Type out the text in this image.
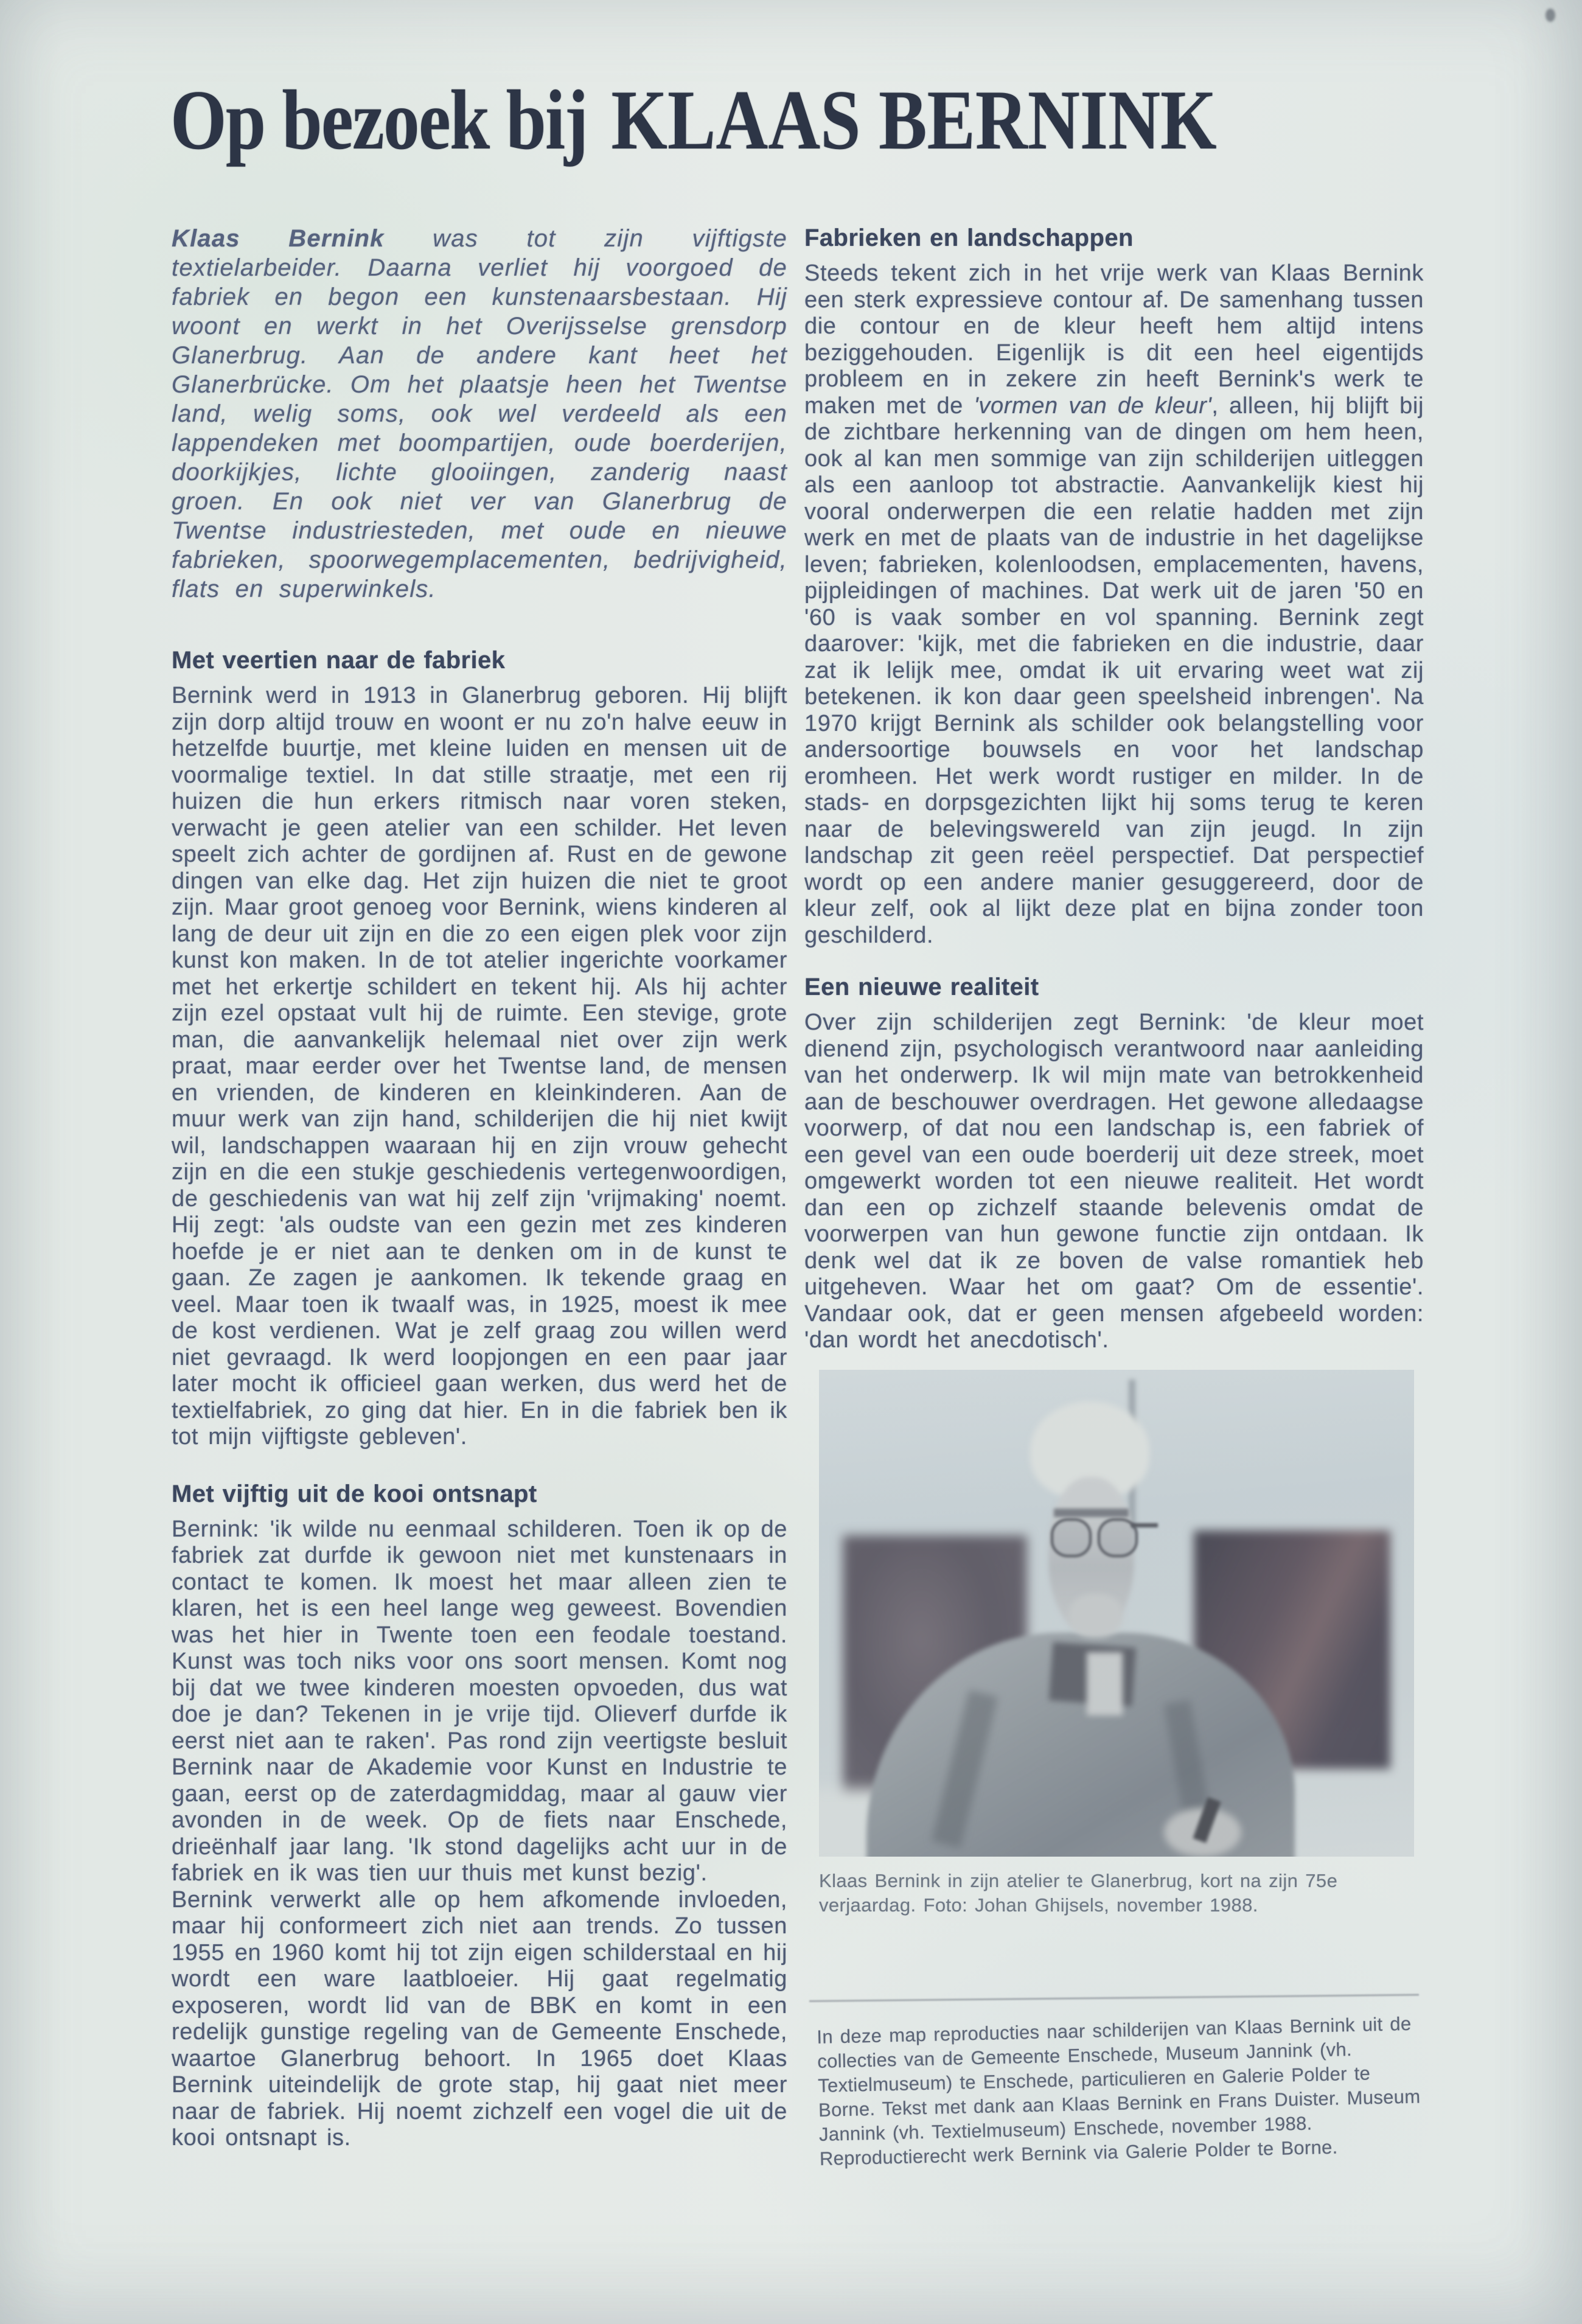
Op bezoek bij KLAAS BERNINK

Klaas Bernink was tot zijn vijftigste textielarbeider. Daarna verliet hij voorgoed de fabriek en begon een kunstenaarsbestaan. Hij woont en werkt in het Overijsselse grensdorp Glanerbrug. Aan de andere kant heet het Glanerbrücke. Om het plaatsje heen het Twentse land, welig soms, ook wel verdeeld als een lappendeken met boompartijen, oude boerderijen, doorkijkjes, lichte glooiingen, zanderig naast groen. En ook niet ver van Glanerbrug de Twentse industriesteden, met oude en nieuwe fabrieken, spoorwegemplacementen, bedrijvigheid, flats en superwinkels.

Met veertien naar de fabriek

Bernink werd in 1913 in Glanerbrug geboren. Hij blijft zijn dorp altijd trouw en woont er nu zo'n halve eeuw in hetzelfde buurtje, met kleine luiden en mensen uit de voormalige textiel. In dat stille straatje, met een rij huizen die hun erkers ritmisch naar voren steken, verwacht je geen atelier van een schilder. Het leven speelt zich achter de gordijnen af. Rust en de gewone dingen van elke dag. Het zijn huizen die niet te groot zijn. Maar groot genoeg voor Bernink, wiens kinderen al lang de deur uit zijn en die zo een eigen plek voor zijn kunst kon maken. In de tot atelier ingerichte voorkamer met het erkertje schildert en tekent hij. Als hij achter zijn ezel opstaat vult hij de ruimte. Een stevige, grote man, die aanvankelijk helemaal niet over zijn werk praat, maar eerder over het Twentse land, de mensen en vrienden, de kinderen en kleinkinderen. Aan de muur werk van zijn hand, schilderijen die hij niet kwijt wil, landschappen waaraan hij en zijn vrouw gehecht zijn en die een stukje geschiedenis vertegenwoordigen, de geschiedenis van wat hij zelf zijn 'vrijmaking' noemt. Hij zegt: 'als oudste van een gezin met zes kinderen hoefde je er niet aan te denken om in de kunst te gaan. Ze zagen je aankomen. Ik tekende graag en veel. Maar toen ik twaalf was, in 1925, moest ik mee de kost verdienen. Wat je zelf graag zou willen werd niet gevraagd. Ik werd loopjongen en een paar jaar later mocht ik officieel gaan werken, dus werd het de textielfabriek, zo ging dat hier. En in die fabriek ben ik tot mijn vijftigste gebleven'.

Met vijftig uit de kooi ontsnapt

Bernink: 'ik wilde nu eenmaal schilderen. Toen ik op de fabriek zat durfde ik gewoon niet met kunstenaars in contact te komen. Ik moest het maar alleen zien te klaren, het is een heel lange weg geweest. Bovendien was het hier in Twente toen een feodale toestand. Kunst was toch niks voor ons soort mensen. Komt nog bij dat we twee kinderen moesten opvoeden, dus wat doe je dan? Tekenen in je vrije tijd. Olieverf durfde ik eerst niet aan te raken'. Pas rond zijn veertigste besluit Bernink naar de Akademie voor Kunst en Industrie te gaan, eerst op de zaterdagmiddag, maar al gauw vier avonden in de week. Op de fiets naar Enschede, drieënhalf jaar lang. 'Ik stond dagelijks acht uur in de fabriek en ik was tien uur thuis met kunst bezig'.

Bernink verwerkt alle op hem afkomende invloeden, maar hij conformeert zich niet aan trends. Zo tussen 1955 en 1960 komt hij tot zijn eigen schilderstaal en hij wordt een ware laatbloeier. Hij gaat regelmatig exposeren, wordt lid van de BBK en komt in een redelijk gunstige regeling van de Gemeente Enschede, waartoe Glanerbrug behoort. In 1965 doet Klaas Bernink uiteindelijk de grote stap, hij gaat niet meer naar de fabriek. Hij noemt zichzelf een vogel die uit de kooi ontsnapt is.

Fabrieken en landschappen

Steeds tekent zich in het vrije werk van Klaas Bernink een sterk expressieve contour af. De samenhang tussen die contour en de kleur heeft hem altijd intens beziggehouden. Eigenlijk is dit een heel eigentijds probleem en in zekere zin heeft Bernink's werk te maken met de 'vormen van de kleur', alleen, hij blijft bij de zichtbare herkenning van de dingen om hem heen, ook al kan men sommige van zijn schilderijen uitleggen als een aanloop tot abstractie. Aanvankelijk kiest hij vooral onderwerpen die een relatie hadden met zijn werk en met de plaats van de industrie in het dagelijkse leven; fabrieken, kolenloodsen, emplacementen, havens, pijpleidingen of machines. Dat werk uit de jaren '50 en '60 is vaak somber en vol spanning. Bernink zegt daarover: 'kijk, met die fabrieken en die industrie, daar zat ik lelijk mee, omdat ik uit ervaring weet wat zij betekenen. ik kon daar geen speelsheid inbrengen'. Na 1970 krijgt Bernink als schilder ook belangstelling voor andersoortige bouwsels en voor het landschap eromheen. Het werk wordt rustiger en milder. In de stads- en dorpsgezichten lijkt hij soms terug te keren naar de belevingswereld van zijn jeugd. In zijn landschap zit geen reëel perspectief. Dat perspectief wordt op een andere manier gesuggereerd, door de kleur zelf, ook al lijkt deze plat en bijna zonder toon geschilderd.

Een nieuwe realiteit

Over zijn schilderijen zegt Bernink: 'de kleur moet dienend zijn, psychologisch verantwoord naar aanleiding van het onderwerp. Ik wil mijn mate van betrokkenheid aan de beschouwer overdragen. Het gewone alledaagse voorwerp, of dat nou een landschap is, een fabriek of een gevel van een oude boerderij uit deze streek, moet omgewerkt worden tot een nieuwe realiteit. Het wordt dan een op zichzelf staande belevenis omdat de voorwerpen van hun gewone functie zijn ontdaan. Ik denk wel dat ik ze boven de valse romantiek heb uitgeheven. Waar het om gaat? Om de essentie'. Vandaar ook, dat er geen mensen afgebeeld worden: 'dan wordt het anecdotisch'.

Klaas Bernink in zijn atelier te Glanerbrug, kort na zijn 75e verjaardag. Foto: Johan Ghijsels, november 1988.

In deze map reproducties naar schilderijen van Klaas Bernink uit de collecties van de Gemeente Enschede, Museum Jannink (vh. Textielmuseum) te Enschede, particulieren en Galerie Polder te Borne. Tekst met dank aan Klaas Bernink en Frans Duister. Museum Jannink (vh. Textielmuseum) Enschede, november 1988. Reproductierecht werk Bernink via Galerie Polder te Borne.
